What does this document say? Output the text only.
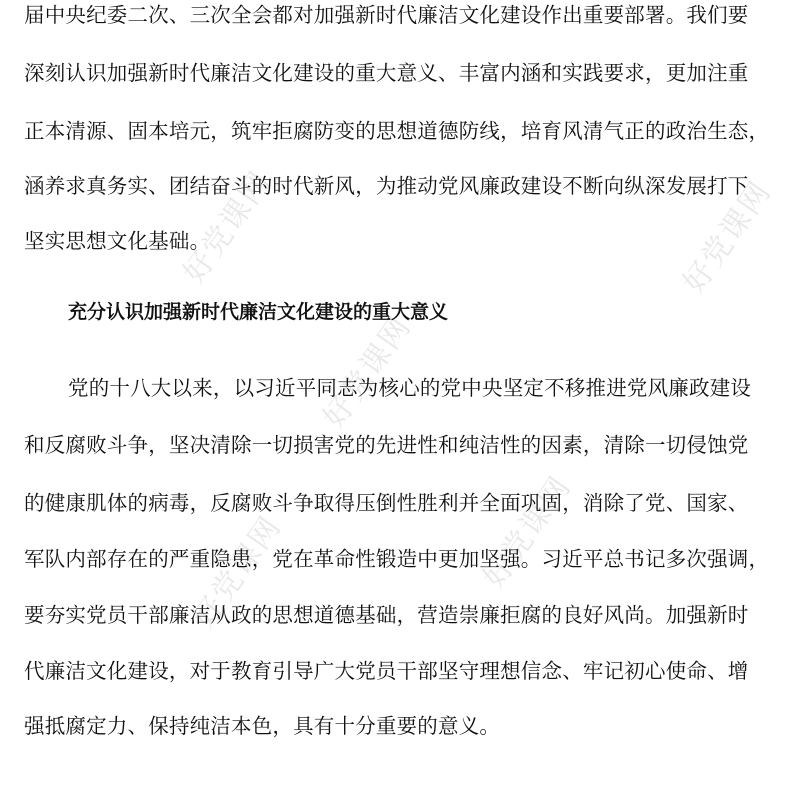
好党课网
好党课网
好党课网	好党课网
好党课网
届中央纪委二次、三次全会都对加强新时代廉洁文化建设作出重要部署。我们要
深刻认识加强新时代廉洁文化建设的重大意义、丰富内涵和实践要求，更加注重
正本清源、固本培元，筑牢拒腐防变的思想道德防线，培育风清气正的政治生态，
涵养求真务实、团结奋斗的时代新风，为推动党风廉政建设不断向纵深发展打下
坚实思想文化基础。
充分认识加强新时代廉洁文化建设的重大意义
党的十八大以来，以习近平同志为核心的党中央坚定不移推进党风廉政建设
和反腐败斗争，坚决清除一切损害党的先进性和纯洁性的因素，清除一切侵蚀党
的健康肌体的病毒，反腐败斗争取得压倒性胜利并全面巩固，消除了党、国家、
军队内部存在的严重隐患，党在革命性锻造中更加坚强。习近平总书记多次强调，
要夯实党员干部廉洁从政的思想道德基础，营造崇廉拒腐的良好风尚。加强新时
代廉洁文化建设，对于教育引导广大党员干部坚守理想信念、牢记初心使命、增
强抵腐定力、保持纯洁本色，具有十分重要的意义。
